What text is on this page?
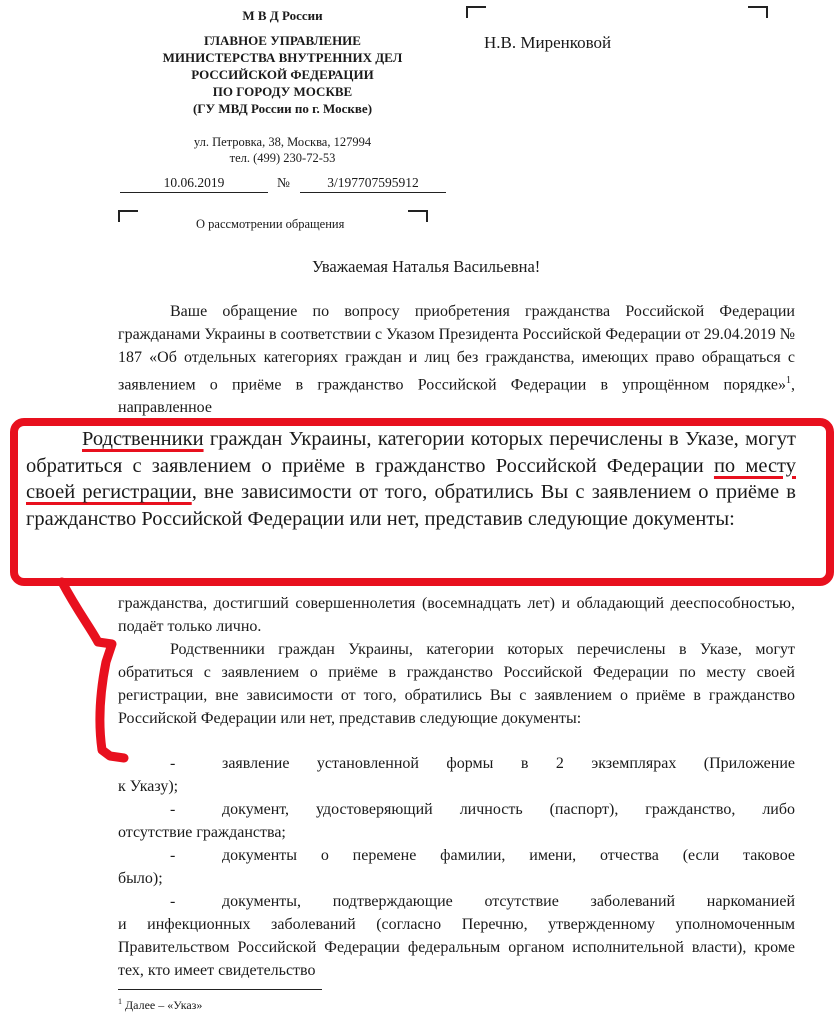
М В Д России
ГЛАВНОЕ УПРАВЛЕНИЕ
МИНИСТЕРСТВА ВНУТРЕННИХ ДЕЛ
РОССИЙСКОЙ ФЕДЕРАЦИИ
ПО ГОРОДУ МОСКВЕ
(ГУ МВД России по г. Москве)
ул. Петровка, 38, Москва, 127994
тел. (499) 230-72-53
10.06.2019	№	3/197707595912
О рассмотрении обращения
Н.В. Миренковой
Уважаемая Наталья Васильевна!
Ваше обращение по вопросу приобретения гражданства Российской Федерации гражданами Украины в соответствии с Указом Президента Российской Федерации от 29.04.2019 № 187 «Об отдельных категориях граждан и лиц без гражданства, имеющих право обращаться с заявлением о приёме в гражданство Российской Федерации в упрощённом порядке»$^1$, направленное
гражданства, достигший совершеннолетия (восемнадцать лет) и обладающий дееспособностью, подаёт только лично.
Родственники граждан Украины, категории которых перечислены в Указе, могут обратиться с заявлением о приёме в гражданство Российской Федерации по месту своей регистрации, вне зависимости от того, обратились Вы с заявлением о приёме в гражданство Российской Федерации или нет, представив следующие документы:
-	заявление установленной формы в 2 экземплярах (Приложение
к Указу);
-	документ, удостоверяющий личность (паспорт), гражданство, либо
отсутствие гражданства;
-	документы о перемене фамилии, имени, отчества (если таковое
было);
-	документы, подтверждающие отсутствие заболеваний наркоманией
и инфекционных заболеваний (согласно Перечню, утвержденному уполномоченным Правительством Российской Федерации федеральным органом исполнительной власти), кроме тех, кто имеет свидетельство
$^1$ Далее – «Указ»
Родственники граждан Украины, категории которых перечислены в Указе, могут обратиться с заявлением о приёме в гражданство Российской Федерации по месту своей регистрации, вне зависимости от того, обратились Вы с заявлением о приёме в гражданство Российской Федерации или нет, представив следующие документы:
